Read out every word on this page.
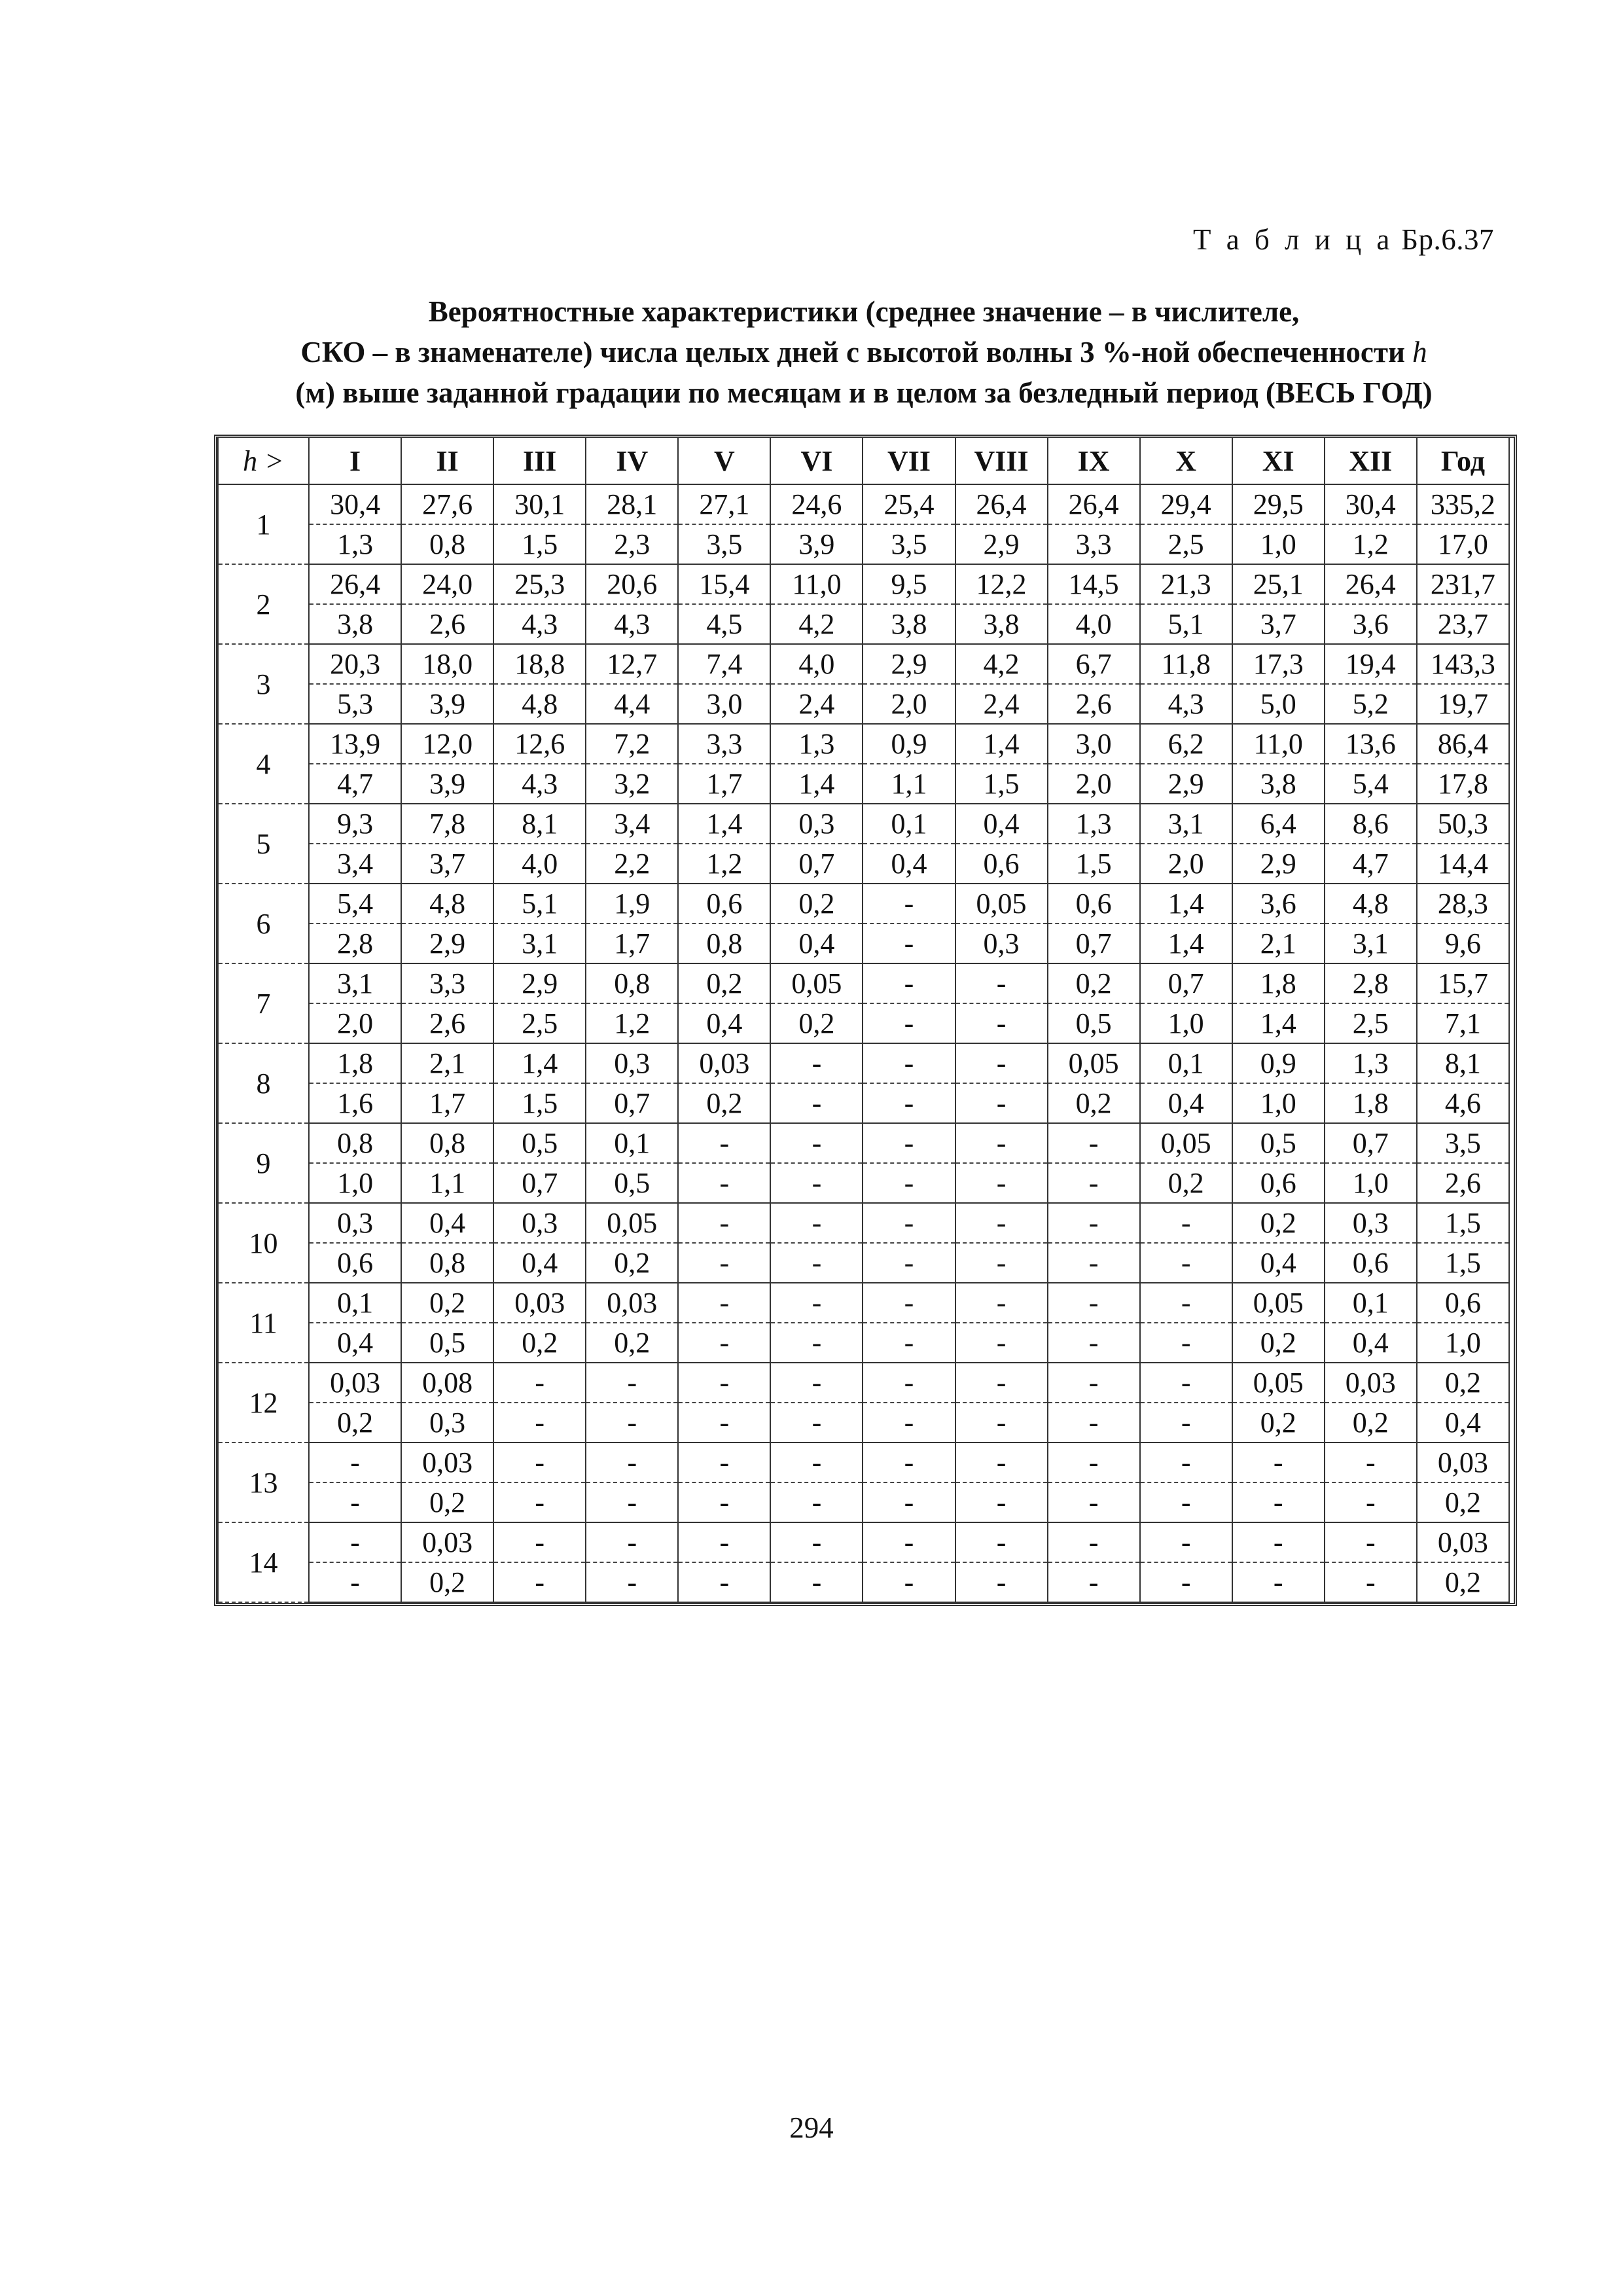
Т а б л и ц а Бр.6.37
Вероятностные характеристики (среднее значение – в числителе,
СКО – в знаменателе) числа целых дней с высотой волны 3 %-ной обеспеченности h
(м) выше заданной градации по месяцам и в целом за безледный период (ВЕСЬ ГОД)
h >	I	II	III	IV	V	VI	VII	VIII	IX	X	XI	XII	Год
1	30,4	27,6	30,1	28,1	27,1	24,6	25,4	26,4	26,4	29,4	29,5	30,4	335,2
	1,3	0,8	1,5	2,3	3,5	3,9	3,5	2,9	3,3	2,5	1,0	1,2	17,0
2	26,4	24,0	25,3	20,6	15,4	11,0	9,5	12,2	14,5	21,3	25,1	26,4	231,7
	3,8	2,6	4,3	4,3	4,5	4,2	3,8	3,8	4,0	5,1	3,7	3,6	23,7
3	20,3	18,0	18,8	12,7	7,4	4,0	2,9	4,2	6,7	11,8	17,3	19,4	143,3
	5,3	3,9	4,8	4,4	3,0	2,4	2,0	2,4	2,6	4,3	5,0	5,2	19,7
4	13,9	12,0	12,6	7,2	3,3	1,3	0,9	1,4	3,0	6,2	11,0	13,6	86,4
	4,7	3,9	4,3	3,2	1,7	1,4	1,1	1,5	2,0	2,9	3,8	5,4	17,8
5	9,3	7,8	8,1	3,4	1,4	0,3	0,1	0,4	1,3	3,1	6,4	8,6	50,3
	3,4	3,7	4,0	2,2	1,2	0,7	0,4	0,6	1,5	2,0	2,9	4,7	14,4
6	5,4	4,8	5,1	1,9	0,6	0,2	-	0,05	0,6	1,4	3,6	4,8	28,3
	2,8	2,9	3,1	1,7	0,8	0,4	-	0,3	0,7	1,4	2,1	3,1	9,6
7	3,1	3,3	2,9	0,8	0,2	0,05	-	-	0,2	0,7	1,8	2,8	15,7
	2,0	2,6	2,5	1,2	0,4	0,2	-	-	0,5	1,0	1,4	2,5	7,1
8	1,8	2,1	1,4	0,3	0,03	-	-	-	0,05	0,1	0,9	1,3	8,1
	1,6	1,7	1,5	0,7	0,2	-	-	-	0,2	0,4	1,0	1,8	4,6
9	0,8	0,8	0,5	0,1	-	-	-	-	-	0,05	0,5	0,7	3,5
	1,0	1,1	0,7	0,5	-	-	-	-	-	0,2	0,6	1,0	2,6
10	0,3	0,4	0,3	0,05	-	-	-	-	-	-	0,2	0,3	1,5
	0,6	0,8	0,4	0,2	-	-	-	-	-	-	0,4	0,6	1,5
11	0,1	0,2	0,03	0,03	-	-	-	-	-	-	0,05	0,1	0,6
	0,4	0,5	0,2	0,2	-	-	-	-	-	-	0,2	0,4	1,0
12	0,03	0,08	-	-	-	-	-	-	-	-	0,05	0,03	0,2
	0,2	0,3	-	-	-	-	-	-	-	-	0,2	0,2	0,4
13	-	0,03	-	-	-	-	-	-	-	-	-	-	0,03
	-	0,2	-	-	-	-	-	-	-	-	-	-	0,2
14	-	0,03	-	-	-	-	-	-	-	-	-	-	0,03
	-	0,2	-	-	-	-	-	-	-	-	-	-	0,2
294
